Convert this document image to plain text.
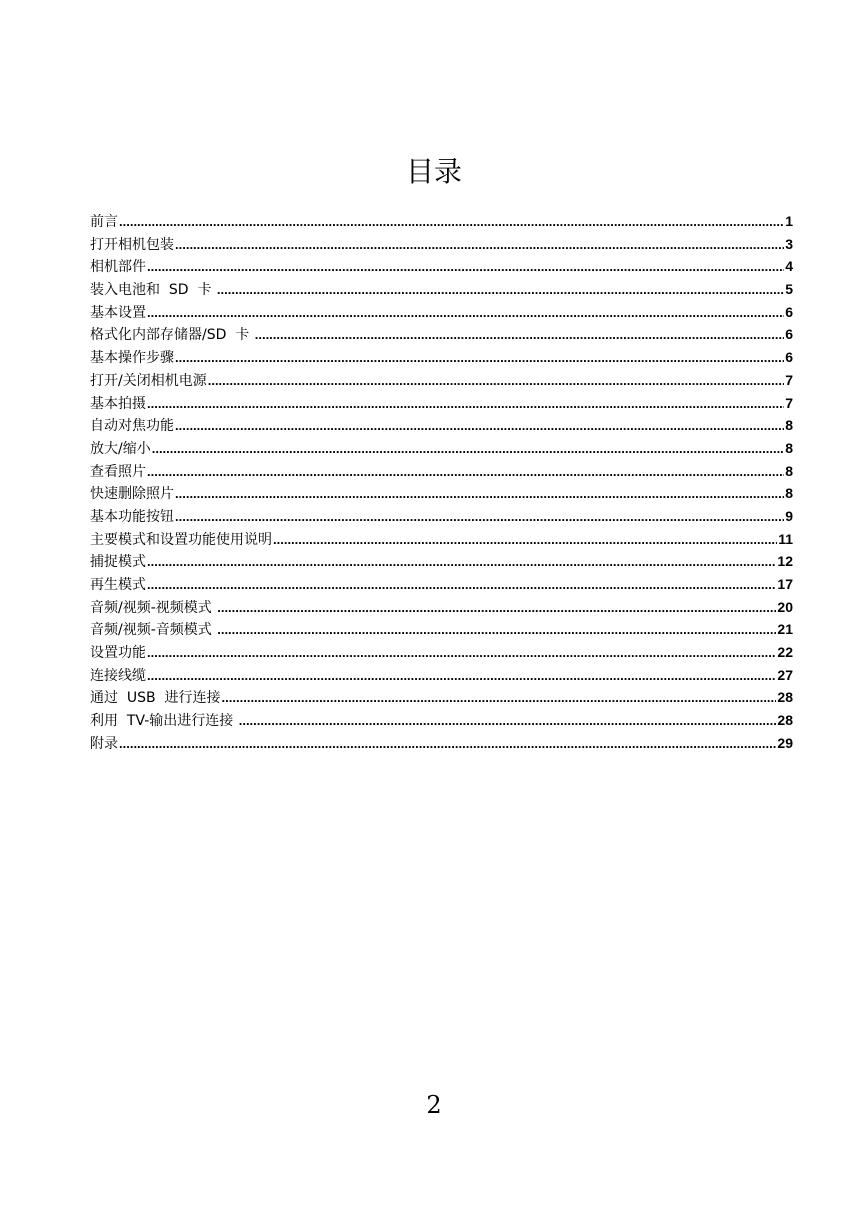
目录
前言 .....	1
打开相机包装 .....	3
相机部件 .....	4
装入电池和  SD  卡 .....	5
基本设置 .....	6
格式化内部存储器/SD  卡 .....	6
基本操作步骤 .....	6
打开/关闭相机电源 .....	7
基本拍摄 .....	7
自动对焦功能 .....	8
放大/缩小 .....	8
查看照片 .....	8
快速删除照片 .....	8
基本功能按钮 .....	9
主要模式和设置功能使用说明 .....	11
捕捉模式 .....	12
再生模式 .....	17
音频/视频-视频模式 .....	20
音频/视频-音频模式 .....	21
设置功能 .....	22
连接线缆 .....	27
通过  USB  进行连接 .....	28
利用  TV-输出进行连接 .....	28
附录 .....	29
2
